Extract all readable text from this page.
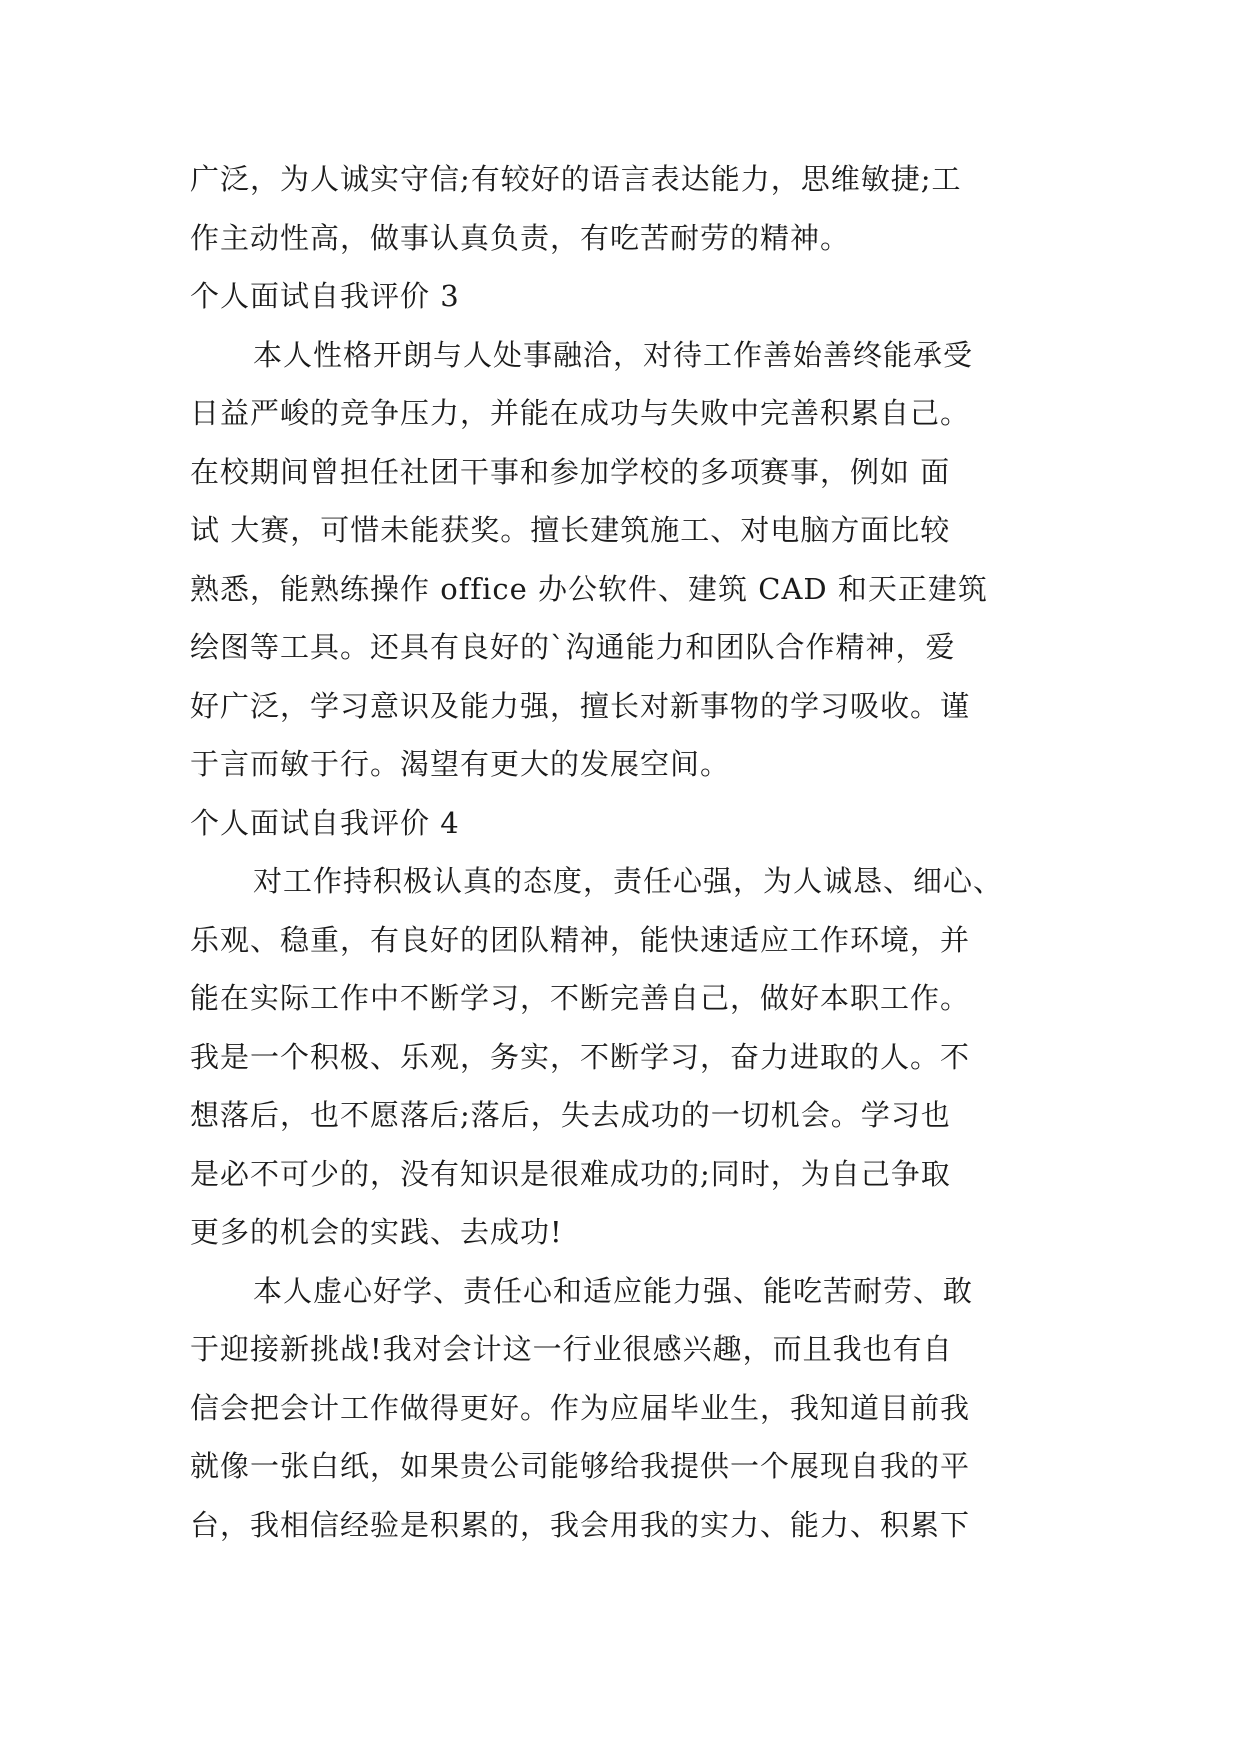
广泛，为人诚实守信;有较好的语言表达能力，思维敏捷;工
作主动性高，做事认真负责，有吃苦耐劳的精神。
个人面试自我评价 3
本人性格开朗与人处事融洽，对待工作善始善终能承受
日益严峻的竞争压力，并能在成功与失败中完善积累自己。
在校期间曾担任社团干事和参加学校的多项赛事，例如 面
试 大赛，可惜未能获奖。擅长建筑施工、对电脑方面比较
熟悉，能熟练操作 office 办公软件、建筑 CAD 和天正建筑
绘图等工具。还具有良好的`沟通能力和团队合作精神，爱
好广泛，学习意识及能力强，擅长对新事物的学习吸收。谨
于言而敏于行。渴望有更大的发展空间。
个人面试自我评价 4
对工作持积极认真的态度，责任心强，为人诚恳、细心、
乐观、稳重，有良好的团队精神，能快速适应工作环境，并
能在实际工作中不断学习，不断完善自己，做好本职工作。
我是一个积极、乐观，务实，不断学习，奋力进取的人。不
想落后，也不愿落后;落后，失去成功的一切机会。学习也
是必不可少的，没有知识是很难成功的;同时，为自己争取
更多的机会的实践、去成功!
本人虚心好学、责任心和适应能力强、能吃苦耐劳、敢
于迎接新挑战!我对会计这一行业很感兴趣，而且我也有自
信会把会计工作做得更好。作为应届毕业生，我知道目前我
就像一张白纸，如果贵公司能够给我提供一个展现自我的平
台，我相信经验是积累的，我会用我的实力、能力、积累下
